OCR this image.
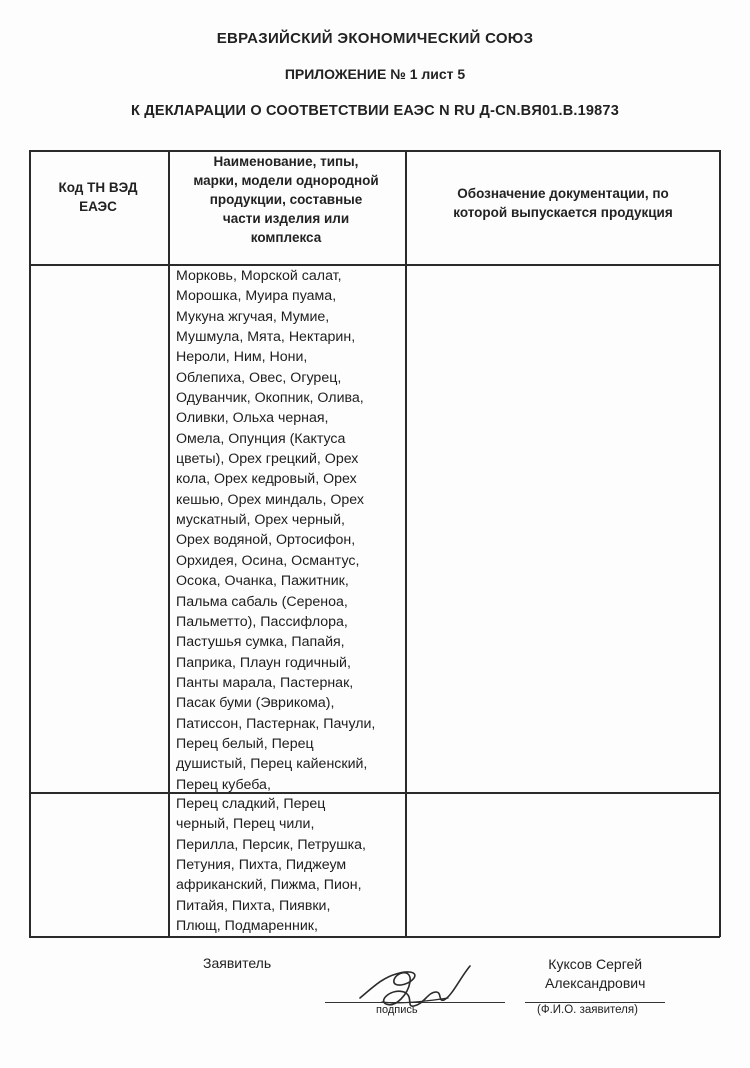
ЕВРАЗИЙСКИЙ ЭКОНОМИЧЕСКИЙ СОЮЗ
ПРИЛОЖЕНИЕ № 1 лист 5
К ДЕКЛАРАЦИИ О СООТВЕТСТВИИ ЕАЭС N RU Д-CN.BЯ01.B.19873
Код ТН ВЭД
ЕАЭС
Наименование, типы,
марки, модели однородной
продукции, составные
части изделия или
комплекса
Обозначение документации, по
которой выпускается продукция
Морковь, Морской салат,
Морошка, Муира пуама,
Мукуна жгучая, Мумие,
Мушмула, Мята, Нектарин,
Нероли, Ним, Нони,
Облепиха, Овес, Огурец,
Одуванчик, Окопник, Олива,
Оливки, Ольха черная,
Омела, Опунция (Кактуса
цветы), Орех грецкий, Орех
кола, Орех кедровый, Орех
кешью, Орех миндаль, Орех
мускатный, Орех черный,
Орех водяной, Ортосифон,
Орхидея, Осина, Османтус,
Осока, Очанка, Пажитник,
Пальма сабаль (Сереноа,
Пальметто), Пассифлора,
Пастушья сумка, Папайя,
Паприка, Плаун годичный,
Панты марала, Пастернак,
Пасак буми (Эврикома),
Патиссон, Пастернак, Пачули,
Перец белый, Перец
душистый, Перец кайенский,
Перец кубеба,
Перец сладкий, Перец
черный, Перец чили,
Перилла, Персик, Петрушка,
Петуния, Пихта, Пиджеум
африканский, Пижма, Пион,
Питайя, Пихта, Пиявки,
Плющ, Подмаренник,
Заявитель	Куксов Сергей
Александрович
подпись	(Ф.И.О. заявителя)
